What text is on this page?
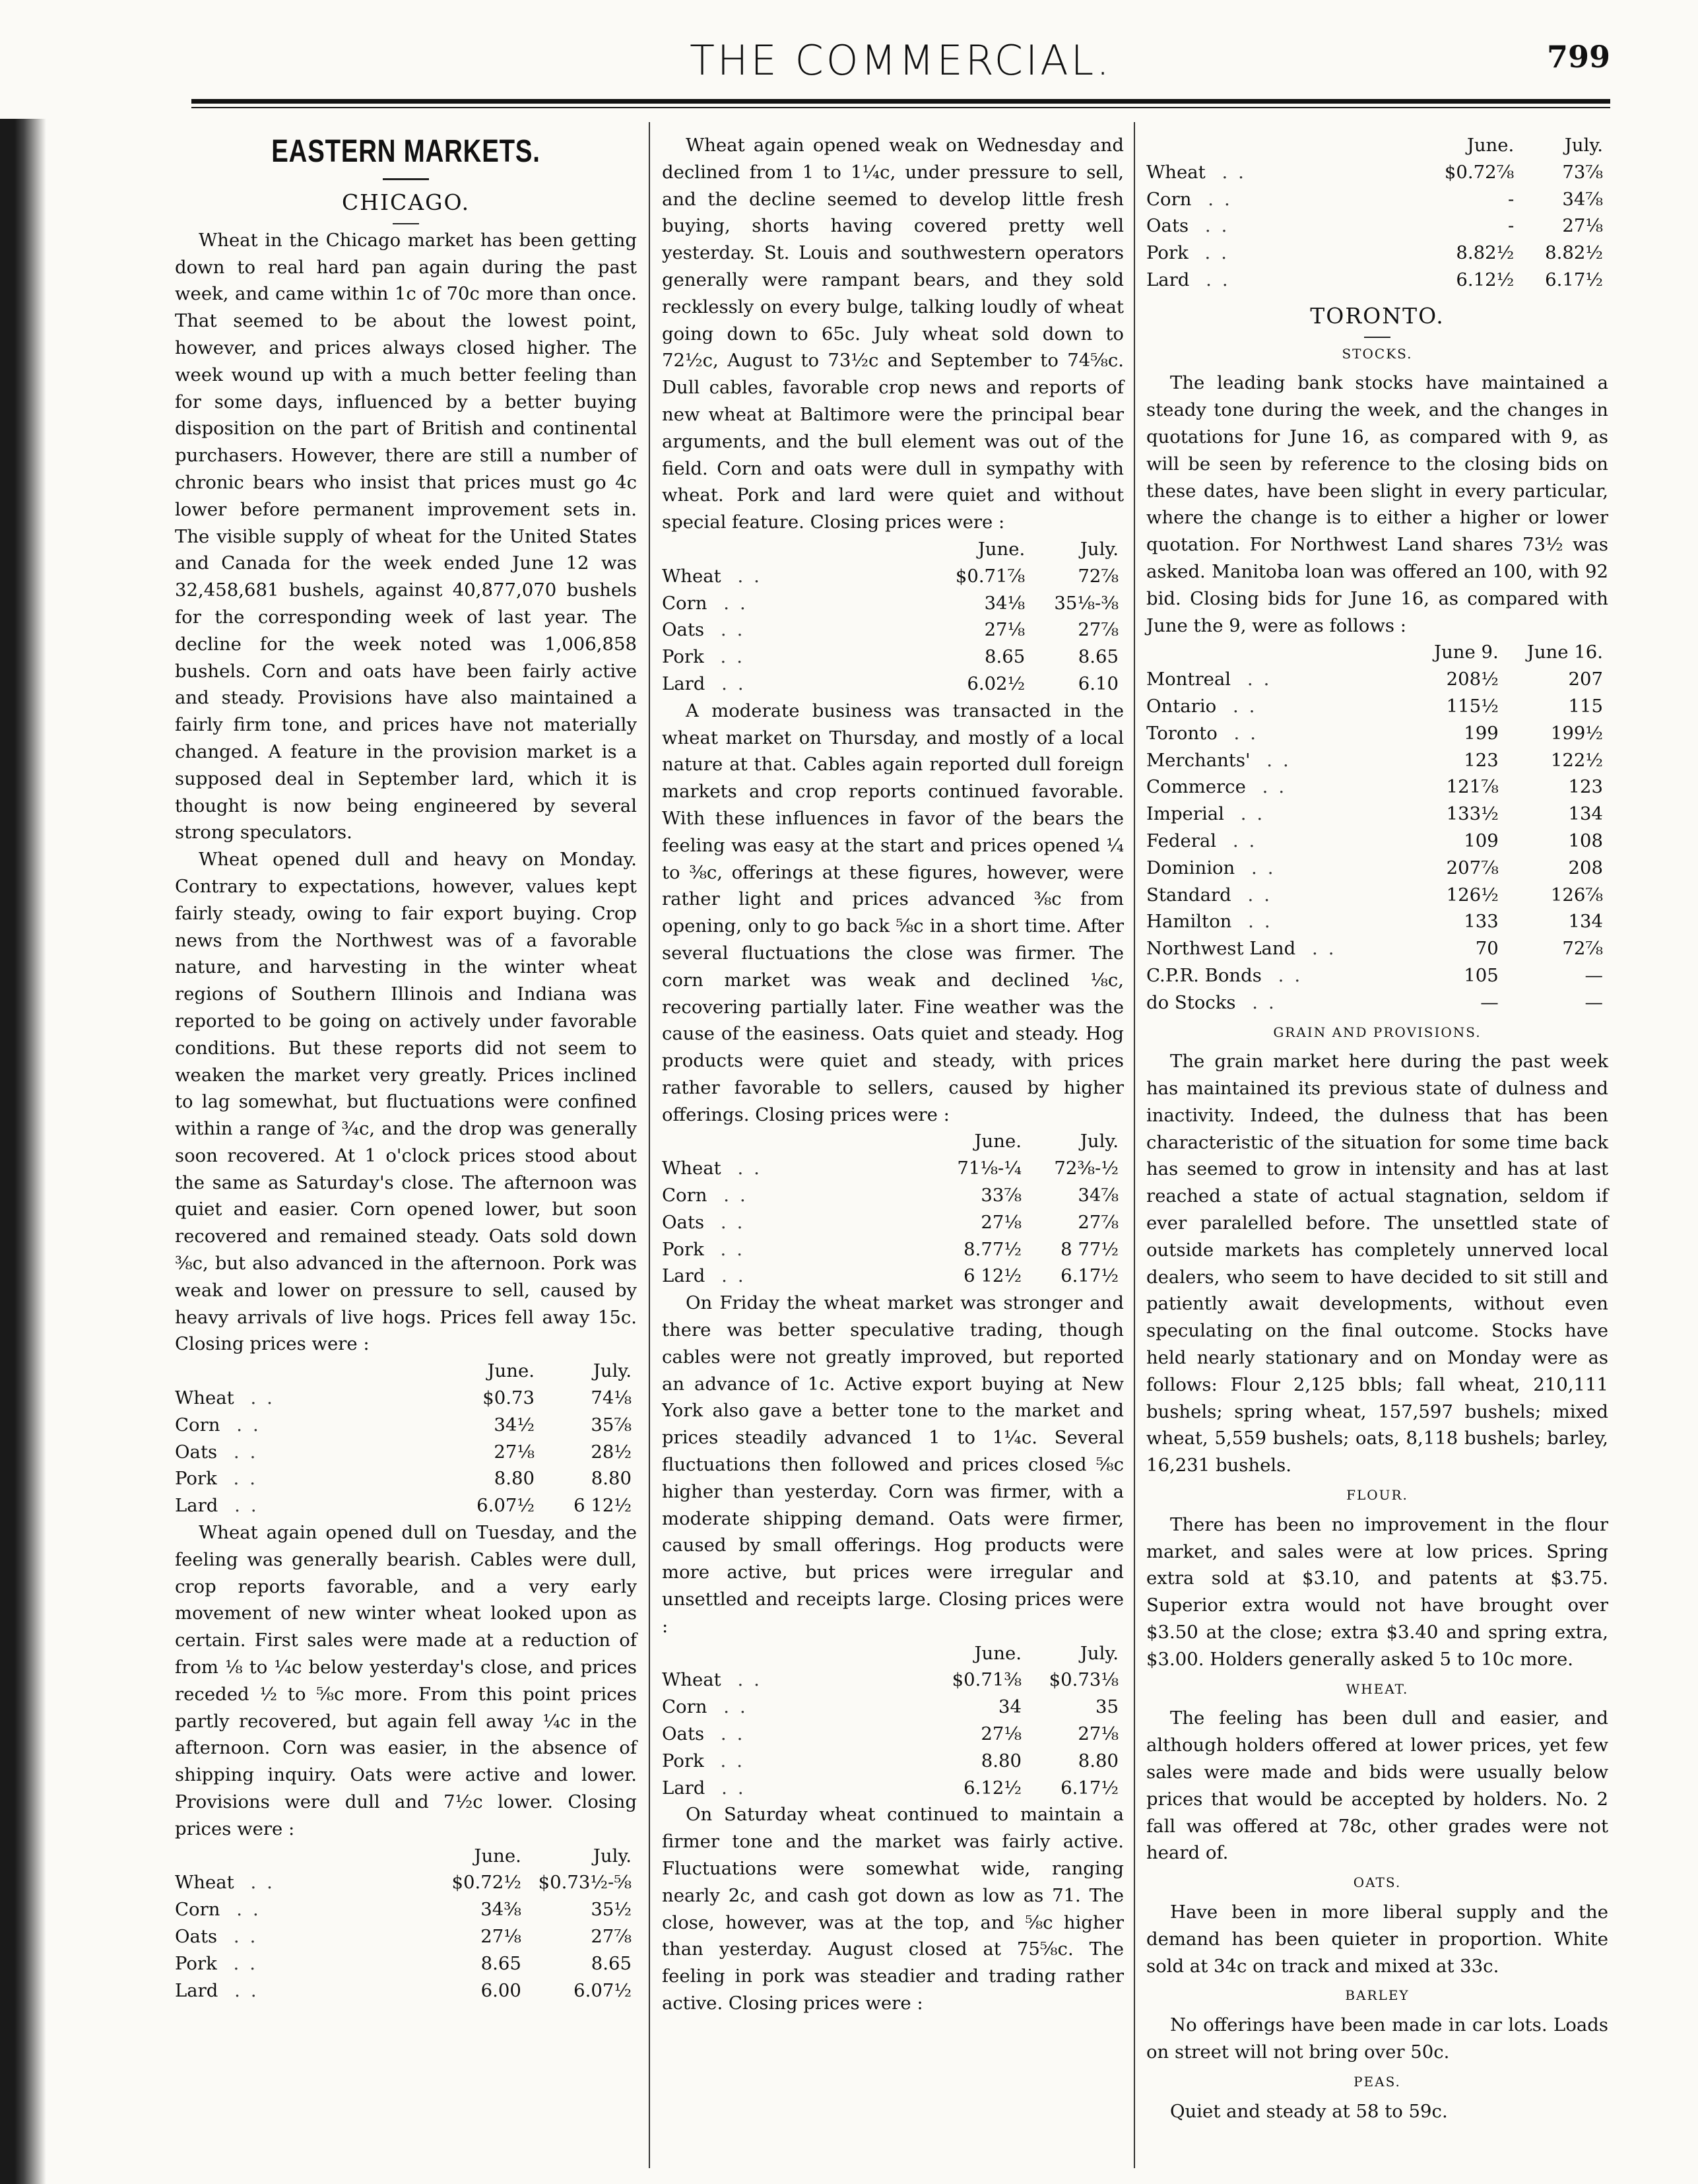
THE COMMERCIAL.	799
EASTERN MARKETS.
CHICAGO.

Wheat in the Chicago market has been getting down to real hard pan again during the past week, and came within 1c of 70c more than once. That seemed to be about the lowest point, however, and prices always closed higher. The week wound up with a much better feeling than for some days, influenced by a better buying disposition on the part of British and continental purchasers. However, there are still a number of chronic bears who insist that prices must go 4c lower before permanent improvement sets in. The visible supply of wheat for the United States and Canada for the week ended June 12 was 32,458,681 bushels, against 40,877,070 bushels for the corresponding week of last year. The decline for the week noted was 1,006,858 bushels. Corn and oats have been fairly active and steady. Provisions have also maintained a fairly firm tone, and prices have not materially changed. A feature in the provision market is a supposed deal in September lard, which it is thought is now being engineered by several strong speculators.

Wheat opened dull and heavy on Monday. Contrary to expectations, however, values kept fairly steady, owing to fair export buying. Crop news from the Northwest was of a favorable nature, and harvesting in the winter wheat regions of Southern Illinois and Indiana was reported to be going on actively under favorable conditions. But these reports did not seem to weaken the market very greatly. Prices inclined to lag somewhat, but fluctuations were confined within a range of ¾c, and the drop was generally soon recovered. At 1 o'clock prices stood about the same as Saturday's close. The afternoon was quiet and easier. Corn opened lower, but soon recovered and remained steady. Oats sold down ⅜c, but also advanced in the afternoon. Pork was weak and lower on pressure to sell, caused by heavy arrivals of live hogs. Prices fell away 15c. Closing prices were :

	June.	July.
Wheat ..	$0.73	74⅛
Corn ..	34½	35⅞
Oats ..	27⅛	28½
Pork ..	8.80	8.80
Lard ..	6.07½	6 12½

Wheat again opened dull on Tuesday, and the feeling was generally bearish. Cables were dull, crop reports favorable, and a very early movement of new winter wheat looked upon as certain. First sales were made at a reduction of from ⅛ to ¼c below yesterday's close, and prices receded ½ to ⅝c more. From this point prices partly recovered, but again fell away ¼c in the afternoon. Corn was easier, in the absence of shipping inquiry. Oats were active and lower. Provisions were dull and 7½c lower. Closing prices were :

	June.	July.
Wheat ..	$0.72½	$0.73½-⅝
Corn ..	34⅜	35½
Oats ..	27⅛	27⅞
Pork ..	8.65	8.65
Lard ..	6.00	6.07½

Wheat again opened weak on Wednesday and declined from 1 to 1¼c, under pressure to sell, and the decline seemed to develop little fresh buying, shorts having covered pretty well yesterday. St. Louis and southwestern operators generally were rampant bears, and they sold recklessly on every bulge, talking loudly of wheat going down to 65c. July wheat sold down to 72½c, August to 73½c and September to 74⅝c. Dull cables, favorable crop news and reports of new wheat at Baltimore were the principal bear arguments, and the bull element was out of the field. Corn and oats were dull in sympathy with wheat. Pork and lard were quiet and without special feature. Closing prices were :

	June.	July.
Wheat ..	$0.71⅞	72⅞
Corn ..	34⅛	35⅛-⅜
Oats ..	27⅛	27⅞
Pork ..	8.65	8.65
Lard ..	6.02½	6.10

A moderate business was transacted in the wheat market on Thursday, and mostly of a local nature at that. Cables again reported dull foreign markets and crop reports continued favorable. With these influences in favor of the bears the feeling was easy at the start and prices opened ¼ to ⅜c, offerings at these figures, however, were rather light and prices advanced ⅜c from opening, only to go back ⅝c in a short time. After several fluctuations the close was firmer. The corn market was weak and declined ⅛c, recovering partially later. Fine weather was the cause of the easiness. Oats quiet and steady. Hog products were quiet and steady, with prices rather favorable to sellers, caused by higher offerings. Closing prices were :

	June.	July.
Wheat ..	71⅛-¼	72⅜-½
Corn ..	33⅞	34⅞
Oats ..	27⅛	27⅞
Pork ..	8.77½	8 77½
Lard ..	6 12½	6.17½

On Friday the wheat market was stronger and there was better speculative trading, though cables were not greatly improved, but reported an advance of 1c. Active export buying at New York also gave a better tone to the market and prices steadily advanced 1 to 1¼c. Several fluctuations then followed and prices closed ⅝c higher than yesterday. Corn was firmer, with a moderate shipping demand. Oats were firmer, caused by small offerings. Hog products were more active, but prices were irregular and unsettled and receipts large. Closing prices were :

	June.	July.
Wheat ..	$0.71⅜	$0.73⅛
Corn ..	34	35
Oats ..	27⅛	27⅛
Pork ..	8.80	8.80
Lard ..	6.12½	6.17½

On Saturday wheat continued to maintain a firmer tone and the market was fairly active. Fluctuations were somewhat wide, ranging nearly 2c, and cash got down as low as 71. The close, however, was at the top, and ⅝c higher than yesterday. August closed at 75⅝c. The feeling in pork was steadier and trading rather active. Closing prices were :

	June.	July.
Wheat ..	$0.72⅞	73⅞
Corn ..	-	34⅞
Oats ..	-	27⅛
Pork ..	8.82½	8.82½
Lard ..	6.12½	6.17½
TORONTO.
STOCKS.

The leading bank stocks have maintained a steady tone during the week, and the changes in quotations for June 16, as compared with 9, as will be seen by reference to the closing bids on these dates, have been slight in every particular, where the change is to either a higher or lower quotation. For Northwest Land shares 73½ was asked. Manitoba loan was offered an 100, with 92 bid. Closing bids for June 16, as compared with June the 9, were as follows :

	June 9.	June 16.
Montreal ..	208½	207
Ontario ..	115½	115
Toronto ..	199	199½
Merchants' ..	123	122½
Commerce ..	121⅞	123
Imperial ..	133½	134
Federal ..	109	108
Dominion ..	207⅞	208
Standard ..	126½	126⅞
Hamilton ..	133	134
Northwest Land ..	70	72⅞
C.P.R. Bonds ..	105	—
do Stocks ..	—	—
GRAIN AND PROVISIONS.

The grain market here during the past week has maintained its previous state of dulness and inactivity. Indeed, the dulness that has been characteristic of the situation for some time back has seemed to grow in intensity and has at last reached a state of actual stagnation, seldom if ever paralelled before. The unsettled state of outside markets has completely unnerved local dealers, who seem to have decided to sit still and patiently await developments, without even speculating on the final outcome. Stocks have held nearly stationary and on Monday were as follows: Flour 2,125 bbls; fall wheat, 210,111 bushels; spring wheat, 157,597 bushels; mixed wheat, 5,559 bushels; oats, 8,118 bushels; barley, 16,231 bushels.

FLOUR.

There has been no improvement in the flour market, and sales were at low prices. Spring extra sold at $3.10, and patents at $3.75. Superior extra would not have brought over $3.50 at the close; extra $3.40 and spring extra, $3.00. Holders generally asked 5 to 10c more.

WHEAT.

The feeling has been dull and easier, and although holders offered at lower prices, yet few sales were made and bids were usually below prices that would be accepted by holders. No. 2 fall was offered at 78c, other grades were not heard of.

OATS.

Have been in more liberal supply and the demand has been quieter in proportion. White sold at 34c on track and mixed at 33c.

BARLEY

No offerings have been made in car lots. Loads on street will not bring over 50c.

PEAS.

Quiet and steady at 58 to 59c.
